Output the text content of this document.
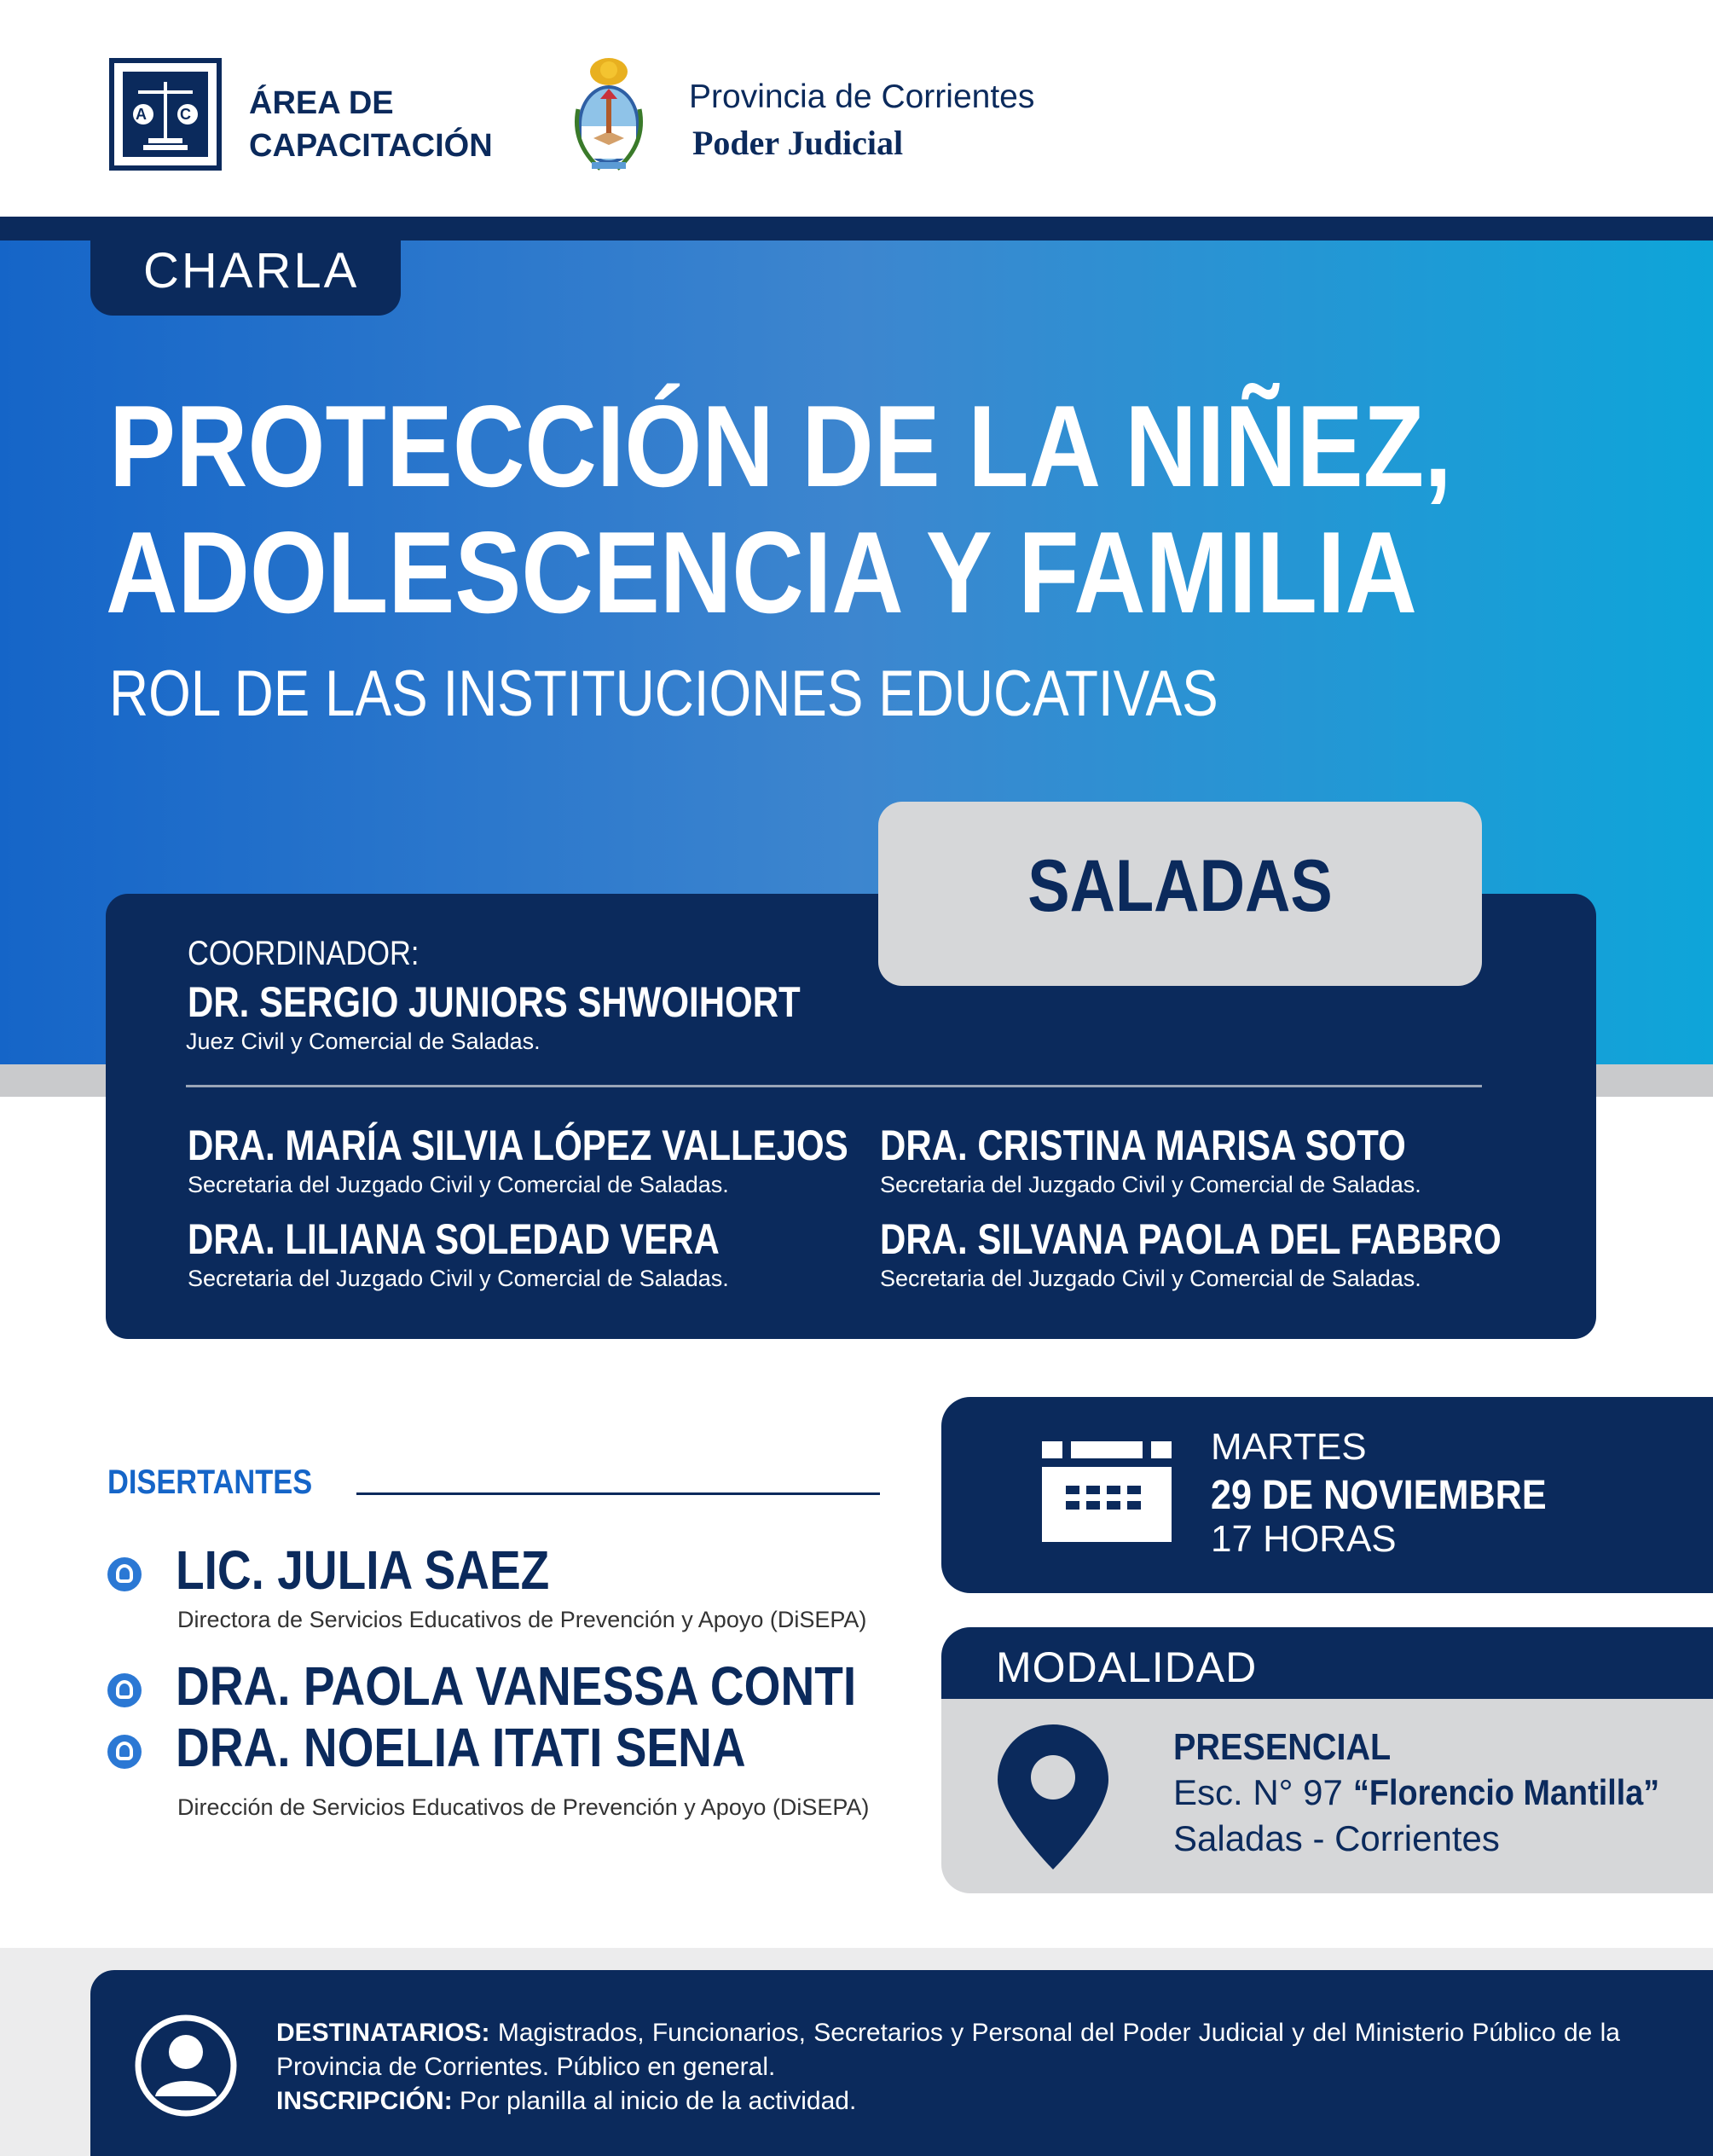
A C ÁREA DE
CAPACITACIÓN
Provincia de Corrientes
Poder Judicial
CHARLA
PROTECCIÓN DE LA NIÑEZ,
ADOLESCENCIA Y FAMILIA
ROL DE LAS INSTITUCIONES EDUCATIVAS
SALADAS
COORDINADOR:
DR. SERGIO JUNIORS SHWOIHORT
Juez Civil y Comercial de Saladas.
DRA. MARÍA SILVIA LÓPEZ VALLEJOS
Secretaria del Juzgado Civil y Comercial de Saladas.
DRA. CRISTINA MARISA SOTO
Secretaria del Juzgado Civil y Comercial de Saladas.
DRA. LILIANA SOLEDAD VERA
Secretaria del Juzgado Civil y Comercial de Saladas.
DRA. SILVANA PAOLA DEL FABBRO
Secretaria del Juzgado Civil y Comercial de Saladas.
DISERTANTES
LIC. JULIA SAEZ
Directora de Servicios Educativos de Prevención y Apoyo (DiSEPA)
DRA. PAOLA VANESSA CONTI
DRA. NOELIA ITATI SENA
Dirección de Servicios Educativos de Prevención y Apoyo (DiSEPA)
MARTES
29 DE NOVIEMBRE
17 HORAS
MODALIDAD
PRESENCIAL
Esc. N° 97 “Florencio Mantilla”
Saladas - Corrientes
DESTINATARIOS: Magistrados, Funcionarios, Secretarios y Personal del Poder Judicial y del Ministerio Público de la Provincia de Corrientes. Público en general.
INSCRIPCIÓN: Por planilla al inicio de la actividad.
